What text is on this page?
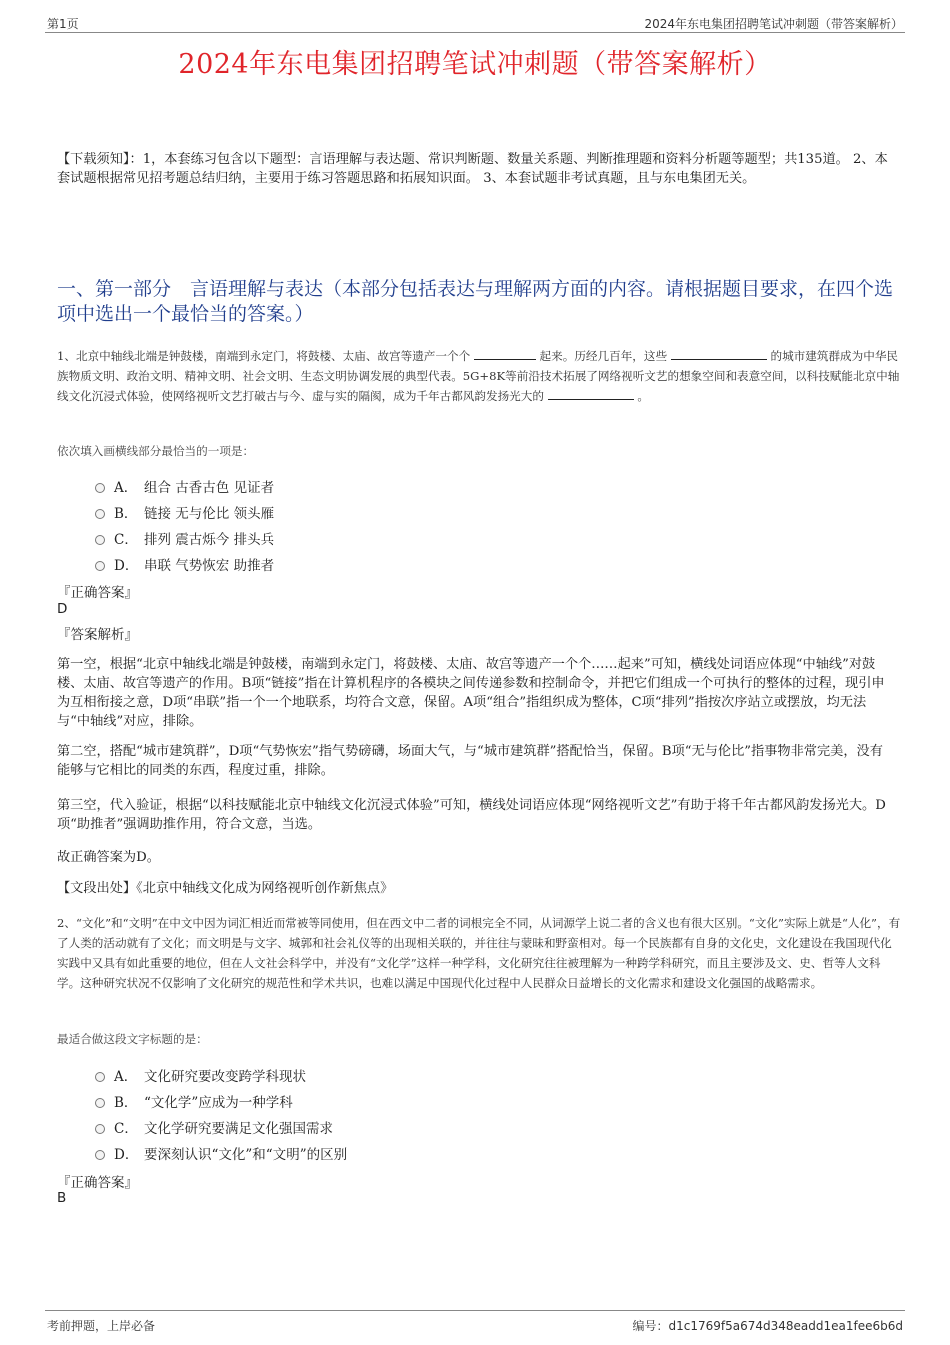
第1页	2024年东电集团招聘笔试冲刺题（带答案解析）
2024年东电集团招聘笔试冲刺题（带答案解析）
【下载须知】：1，本套练习包含以下题型：言语理解与表达题、常识判断题、数量关系题、判断推理题和资料分析题等题型；共135道。 2、本套试题根据常见招考题总结归纳，主要用于练习答题思路和拓展知识面。 3、本套试题非考试真题，且与东电集团无关。
一、第一部分　言语理解与表达（本部分包括表达与理解两方面的内容。请根据题目要求，在四个选项中选出一个最恰当的答案。）
1、北京中轴线北端是钟鼓楼，南端到永定门，将鼓楼、太庙、故宫等遗产一个个	起来。历经几百年，这些	的城市建筑群成为中华民族物质文明、政治文明、精神文明、社会文明、生态文明协调发展的典型代表。5G+8K等前沿技术拓展了网络视听文艺的想象空间和表意空间，以科技赋能北京中轴线文化沉浸式体验，使网络视听文艺打破古与今、虚与实的隔阂，成为千年古都风韵发扬光大的	。
依次填入画横线部分最恰当的一项是：
A． 组合 古香古色 见证者
B． 链接 无与伦比 领头雁
C． 排列 震古烁今 排头兵
D． 串联 气势恢宏 助推者
『正确答案』
D
『答案解析』
第一空，根据“北京中轴线北端是钟鼓楼，南端到永定门，将鼓楼、太庙、故宫等遗产一个个……起来”可知，横线处词语应体现“中轴线”对鼓楼、太庙、故宫等遗产的作用。B项“链接”指在计算机程序的各模块之间传递参数和控制命令，并把它们组成一个可执行的整体的过程，现引申为互相衔接之意，D项“串联”指一个一个地联系，均符合文意，保留。A项“组合”指组织成为整体，C项“排列”指按次序站立或摆放，均无法与“中轴线”对应，排除。
第二空，搭配“城市建筑群”，D项“气势恢宏”指气势磅礴，场面大气，与“城市建筑群”搭配恰当，保留。B项“无与伦比”指事物非常完美，没有能够与它相比的同类的东西，程度过重，排除。
第三空，代入验证，根据“以科技赋能北京中轴线文化沉浸式体验”可知，横线处词语应体现“网络视听文艺”有助于将千年古都风韵发扬光大。D项“助推者”强调助推作用，符合文意，当选。
故正确答案为D。
【文段出处】《北京中轴线文化成为网络视听创作新焦点》
2、“文化”和“文明”在中文中因为词汇相近而常被等同使用，但在西文中二者的词根完全不同，从词源学上说二者的含义也有很大区别。“文化”实际上就是“人化”，有了人类的活动就有了文化；而文明是与文字、城郭和社会礼仪等的出现相关联的，并往往与蒙昧和野蛮相对。每一个民族都有自身的文化史，文化建设在我国现代化实践中又具有如此重要的地位，但在人文社会科学中，并没有“文化学”这样一种学科，文化研究往往被理解为一种跨学科研究，而且主要涉及文、史、哲等人文科学。这种研究状况不仅影响了文化研究的规范性和学术共识，也难以满足中国现代化过程中人民群众日益增长的文化需求和建设文化强国的战略需求。
最适合做这段文字标题的是：
A． 文化研究要改变跨学科现状
B． “文化学”应成为一种学科
C． 文化学研究要满足文化强国需求
D． 要深刻认识“文化”和“文明”的区别
『正确答案』
B
考前押题，上岸必备	编号：d1c1769f5a674d348eadd1ea1fee6b6d
